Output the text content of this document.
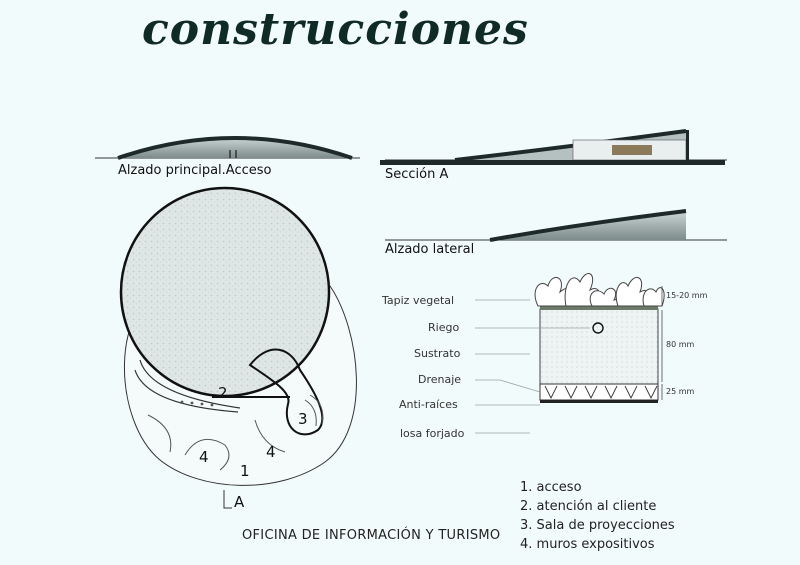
construcciones
Alzado principal.Acceso	Sección A
Alzado lateral
1
2
3
4	4
A
Tapiz vegetal
Riego
Sustrato
Drenaje
Anti-raíces
losa forjado
15-20 mm
80 mm
25 mm
1. acceso
2. atención al cliente
3. Sala de proyecciones
4. muros expositivos
OFICINA DE INFORMACIÓN Y TURISMO
